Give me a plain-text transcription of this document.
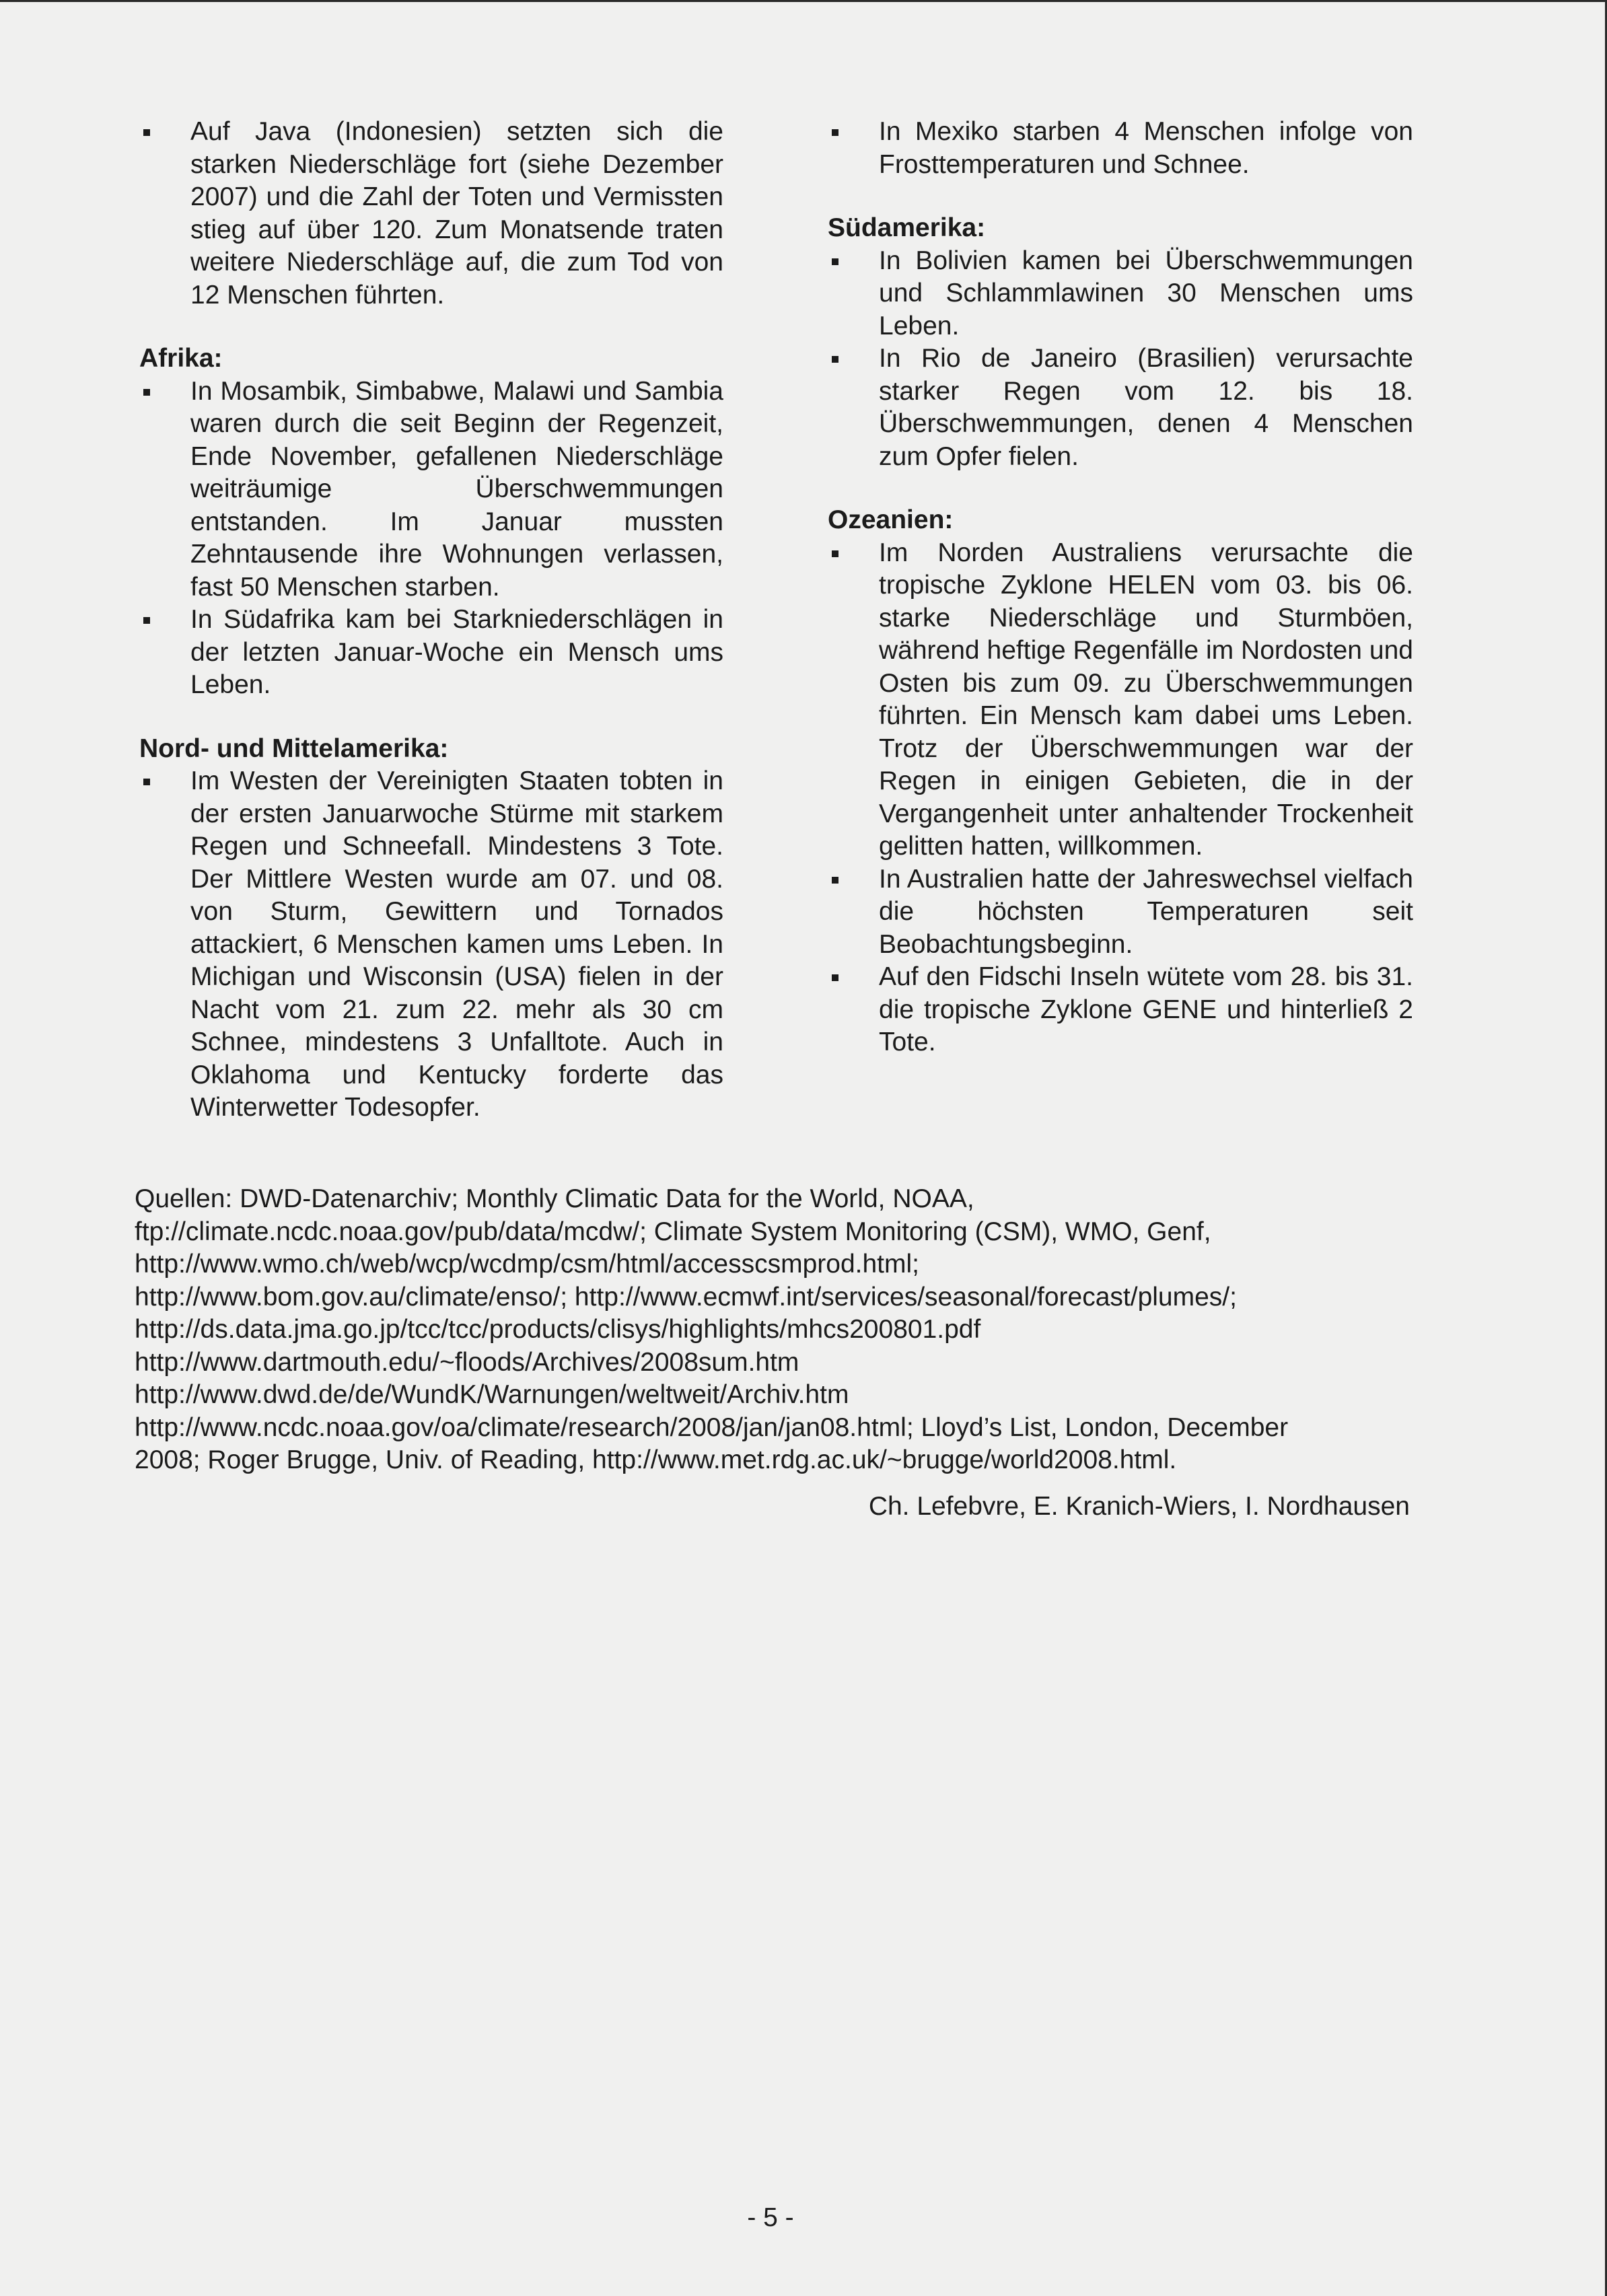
Auf Java (Indonesien) setzten sich die starken Niederschläge fort (siehe Dezember 2007) und die Zahl der Toten und Vermissten stieg auf über 120. Zum Monatsende traten weitere Niederschläge auf, die zum Tod von 12 Menschen führten.

Afrika:

In Mosambik, Simbabwe, Malawi und Sambia waren durch die seit Beginn der Regenzeit, Ende November, gefallenen Niederschläge weiträumige Überschwemmungen entstanden. Im Januar mussten Zehntausende ihre Wohnungen verlassen, fast 50 Menschen starben.
In Südafrika kam bei Starkniederschlägen in der letzten Januar-Woche ein Mensch ums Leben.

Nord- und Mittelamerika:

Im Westen der Vereinigten Staaten tobten in der ersten Januarwoche Stürme mit starkem Regen und Schneefall. Mindestens 3 Tote. Der Mittlere Westen wurde am 07. und 08. von Sturm, Gewittern und Tornados attackiert, 6 Menschen kamen ums Leben. In Michigan und Wisconsin (USA) fielen in der Nacht vom 21. zum 22. mehr als 30 cm Schnee, mindestens 3 Unfalltote. Auch in Oklahoma und Kentucky forderte das Winterwetter Todesopfer.
In Mexiko starben 4 Menschen infolge von Frosttemperaturen und Schnee.

Südamerika:

In Bolivien kamen bei Überschwemmungen und Schlammlawinen 30 Menschen ums Leben.
In Rio de Janeiro (Brasilien) verursachte starker Regen vom 12. bis 18. Überschwemmungen, denen 4 Menschen zum Opfer fielen.

Ozeanien:

Im Norden Australiens verursachte die tropische Zyklone HELEN vom 03. bis 06. starke Niederschläge und Sturmböen, während heftige Regenfälle im Nordosten und Osten bis zum 09. zu Überschwemmungen führten. Ein Mensch kam dabei ums Leben. Trotz der Überschwemmungen war der Regen in einigen Gebieten, die in der Vergangenheit unter anhaltender Trockenheit gelitten hatten, willkommen.
In Australien hatte der Jahreswechsel vielfach die höchsten Temperaturen seit Beobachtungsbeginn.
Auf den Fidschi Inseln wütete vom 28. bis 31. die tropische Zyklone GENE und hinterließ 2 Tote.
Quellen: DWD-Datenarchiv; Monthly Climatic Data for the World, NOAA,
ftp://climate.ncdc.noaa.gov/pub/data/mcdw/; Climate System Monitoring (CSM), WMO, Genf,
http://www.wmo.ch/web/wcp/wcdmp/csm/html/accesscsmprod.html;
http://www.bom.gov.au/climate/enso/; http://www.ecmwf.int/services/seasonal/forecast/plumes/;
http://ds.data.jma.go.jp/tcc/tcc/products/clisys/highlights/mhcs200801.pdf
http://www.dartmouth.edu/~floods/Archives/2008sum.htm
http://www.dwd.de/de/WundK/Warnungen/weltweit/Archiv.htm
http://www.ncdc.noaa.gov/oa/climate/research/2008/jan/jan08.html; Lloyd’s List, London, December
2008; Roger Brugge, Univ. of Reading, http://www.met.rdg.ac.uk/~brugge/world2008.html.
Ch. Lefebvre, E. Kranich-Wiers, I. Nordhausen
- 5 -
